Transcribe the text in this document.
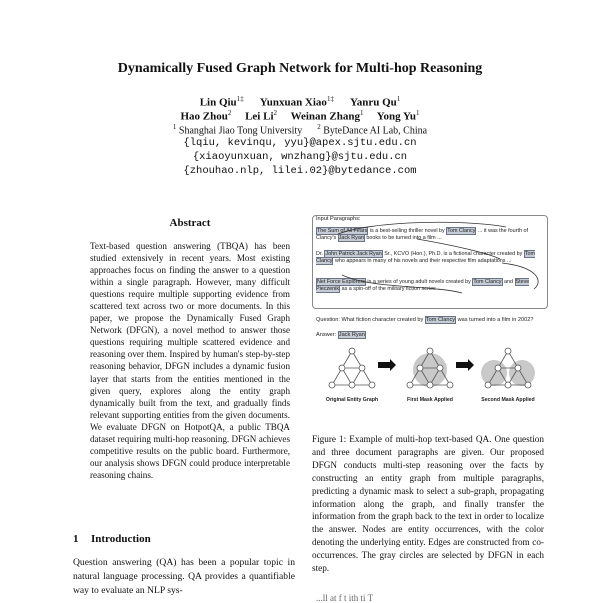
Dynamically Fused Graph Network for Multi-hop Reasoning
Lin Qiu$^{1\ddagger}$ Yunxuan Xiao$^{1\ddagger}$ Yanru Qu$^1$
Hao Zhou$^2$ Lei Li$^2$ Weinan Zhang$^1$ Yong Yu$^1$
$^1$ Shanghai Jiao Tong University $^2$ ByteDance AI Lab, China
{lqiu, kevinqu, yyu}@apex.sjtu.edu.cn
{xiaoyunxuan, wnzhang}@sjtu.edu.cn
{zhouhao.nlp, lilei.02}@bytedance.com
Abstract
Text-based question answering (TBQA) has been studied extensively in recent years. Most existing approaches focus on finding the answer to a question within a single paragraph. However, many difficult questions require multiple supporting evidence from scattered text across two or more documents. In this paper, we propose the Dynamically Fused Graph Network (DFGN), a novel method to answer those questions requiring multiple scattered evidence and reasoning over them. Inspired by human's step-by-step reasoning behavior, DFGN includes a dynamic fusion layer that starts from the entities mentioned in the given query, explores along the entity graph dynamically built from the text, and gradually finds relevant supporting entities from the given documents. We evaluate DFGN on HotpotQA, a public TBQA dataset requiring multi-hop reasoning. DFGN achieves competitive results on the public board. Furthermore, our analysis shows DFGN could produce interpretable reasoning chains.
1 Introduction
Question answering (QA) has been a popular topic in natural language processing. QA provides a quantifiable way to evaluate an NLP sys-
Input Paragraphs:
The Sum of All Fears is a best-selling thriller novel by Tom Clancy ... it was the fourth of Clancy's Jack Ryan books to be turned into a film ...
Dr. John Patrick Jack Ryan Sr., KCVO (Hon.), Ph.D. is a fictional character created by Tom Clancy who appears in many of his novels and their respective film adaptations ...
Net Force Explorers is a series of young adult novels created by Tom Clancy and Steve Pieczenik as a spin-off of the military fiction series ...
Question: What fiction character created by Tom Clancy was turned into a film in 2002?
Answer: Jack Ryan
Original Entity Graph	First Mask Applied	Second Mask Applied
Figure 1: Example of multi-hop text-based QA. One question and three document paragraphs are given. Our proposed DFGN conducts multi-step reasoning over the facts by constructing an entity graph from multiple paragraphs, predicting a dynamic mask to select a sub-graph, propagating information along the graph, and finally transfer the information from the graph back to the text in order to localize the answer. Nodes are entity occurrences, with the color denoting the underlying entity. Edges are constructed from co-occurrences. The gray circles are selected by DFGN in each step.
...ll at f t ith ti T
